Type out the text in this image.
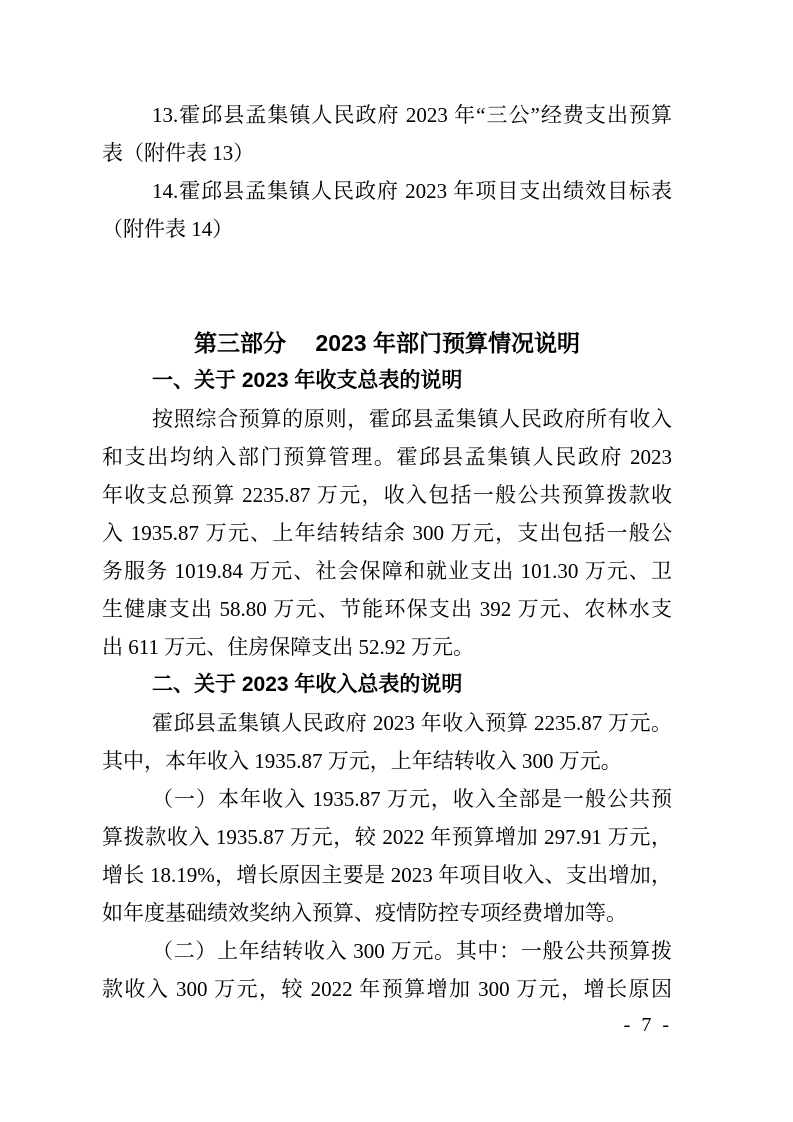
13.霍邱县孟集镇人民政府 2023 年“三公”经费支出预算
表（附件表 13）
14.霍邱县孟集镇人民政府 2023 年项目支出绩效目标表
（附件表 14）
第三部分　 2023 年部门预算情况说明
一、关于 2023 年收支总表的说明
按照综合预算的原则，霍邱县孟集镇人民政府所有收入
和支出均纳入部门预算管理。霍邱县孟集镇人民政府 2023
年收支总预算 2235.87 万元，收入包括一般公共预算拨款收
入 1935.87 万元、上年结转结余 300 万元，支出包括一般公
务服务 1019.84 万元、社会保障和就业支出 101.30 万元、卫
生健康支出 58.80 万元、节能环保支出 392 万元、农林水支
出 611 万元、住房保障支出 52.92 万元。
二、关于 2023 年收入总表的说明
霍邱县孟集镇人民政府 2023 年收入预算 2235.87 万元。
其中，本年收入 1935.87 万元，上年结转收入 300 万元。
（一）本年收入 1935.87 万元，收入全部是一般公共预
算拨款收入 1935.87 万元，较 2022 年预算增加 297.91 万元，
增长 18.19%，增长原因主要是 2023 年项目收入、支出增加，
如年度基础绩效奖纳入预算、疫情防控专项经费增加等。
（二）上年结转收入 300 万元。其中：一般公共预算拨
款收入 300 万元，较 2022 年预算增加 300 万元，增长原因
- 7 -
